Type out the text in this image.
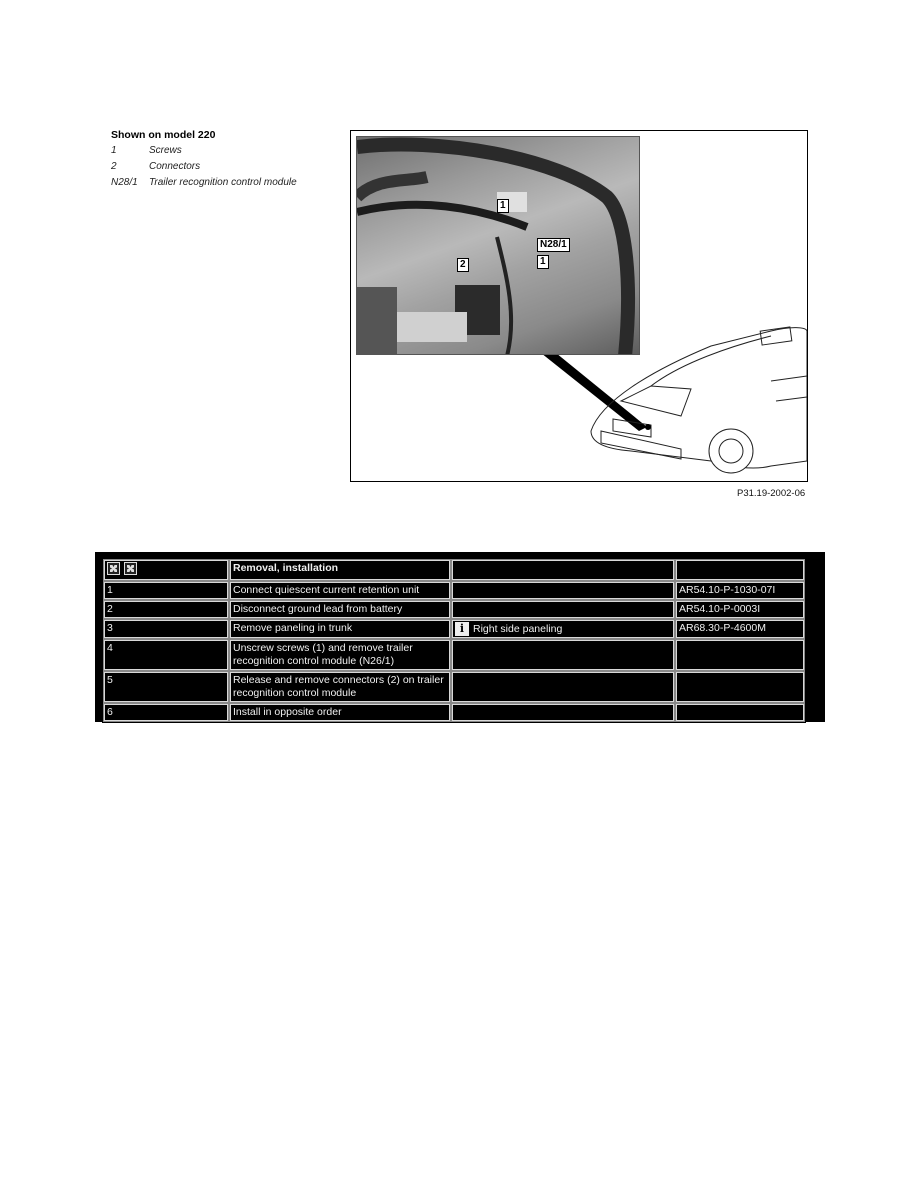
Shown on model 220
1	Screws
2	Connectors
N28/1	Trailer recognition control module
1
N28/1
2	1
P31.19-2002-06
	Removal, installation		
1	Connect quiescent current retention unit		AR54.10-P-1030-07I
2	Disconnect ground lead from battery		AR54.10-P-0003I
3	Remove paneling in trunk	i Right side paneling	AR68.30-P-4600M
4	Unscrew screws (1) and remove trailer recognition control module (N26/1)		
5	Release and remove connectors (2) on trailer recognition control module		
6	Install in opposite order		
